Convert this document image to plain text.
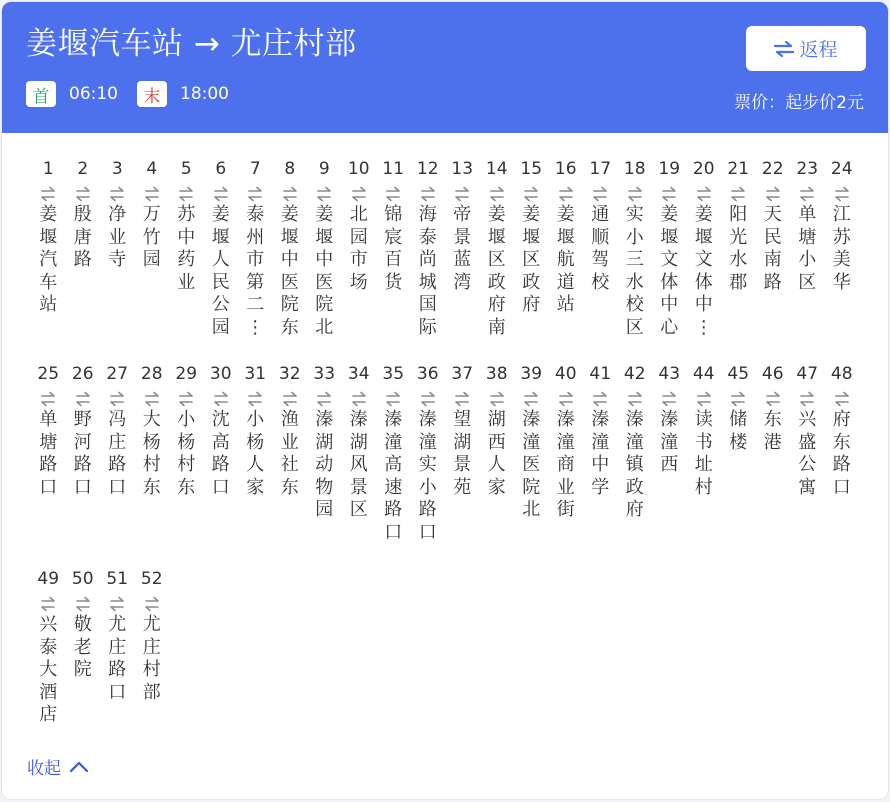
姜堰汽车站 → 尤庄村部
首	06:10	末	18:00
返程
票价：起步价2元
1
姜堰汽车站
2
殷唐路
3
净业寺
4
万竹园
5
苏中药业
6
姜堰人民公园
7
泰州市第二⋮
8
姜堰中医院东
9
姜堰中医院北
10
北园市场
11
锦宸百货
12
海泰尚城国际
13
帝景蓝湾
14
姜堰区政府南
15
姜堰区政府
16
姜堰航道站
17
通顺驾校
18
实小三水校区
19
姜堰文体中心
20
姜堰文体中⋮
21
阳光水郡
22
天民南路
23
单塘小区
24
江苏美华
25
单塘路口
26
野河路口
27
冯庄路口
28
大杨村东
29
小杨村东
30
沈高路口
31
小杨人家
32
渔业社东
33
溱湖动物园
34
溱湖风景区
35
溱潼高速路口
36
溱潼实小路口
37
望湖景苑
38
湖西人家
39
溱潼医院北
40
溱潼商业街
41
溱潼中学
42
溱潼镇政府
43
溱潼西
44
读书址村
45
储楼
46
东港
47
兴盛公寓
48
府东路口
49
兴泰大酒店
50
敬老院
51
尤庄路口
52
尤庄村部
收起
